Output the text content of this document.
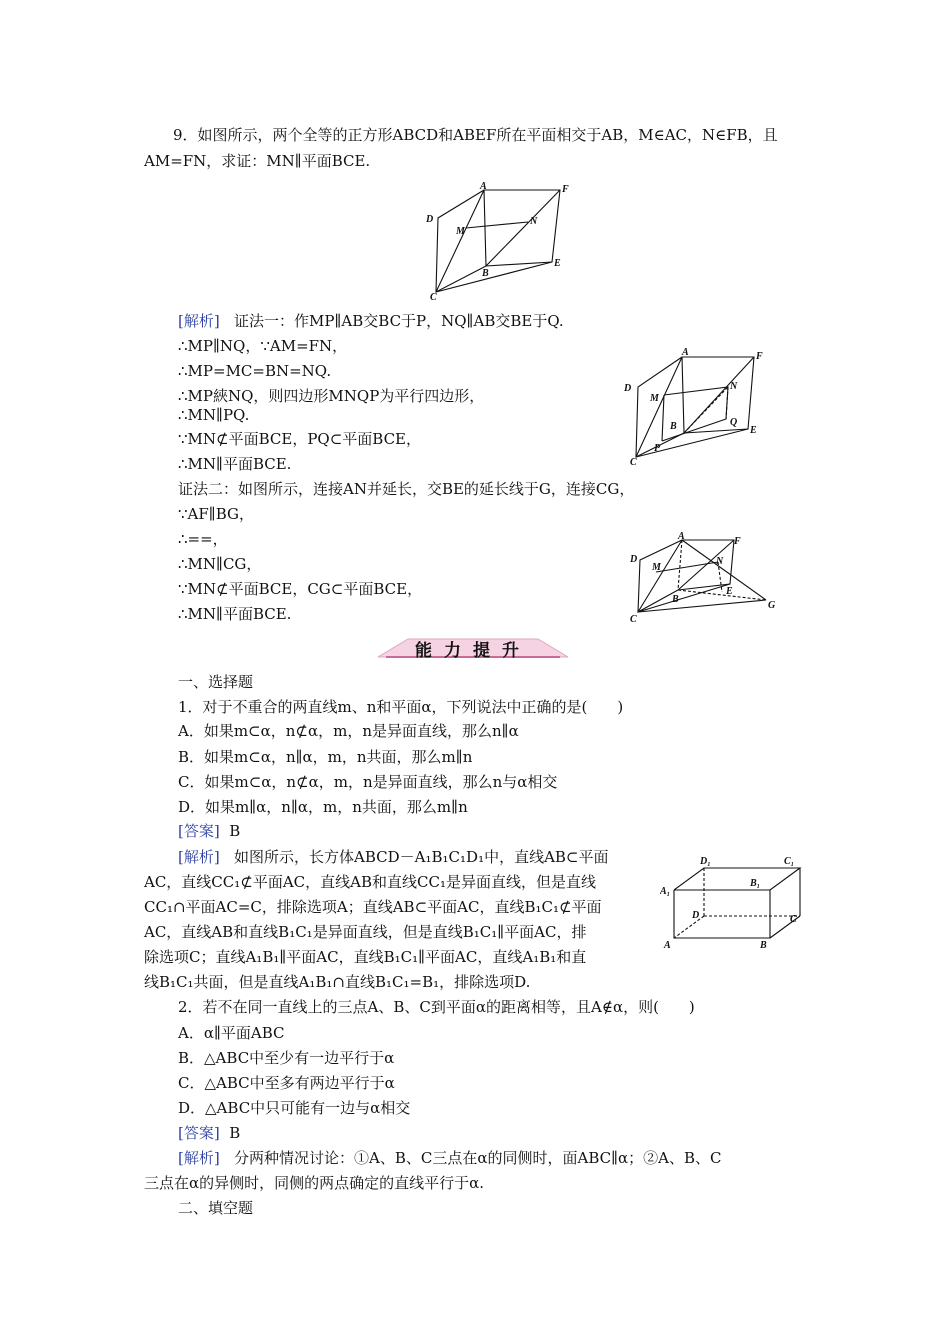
9．如图所示，两个全等的正方形ABCD和ABEF所在平面相交于AB，M∈AC，N∈FB，且
AM=FN，求证：MN∥平面BCE.
A	F
D
M
N
B
E
C
[解析] 证法一：作MP∥AB交BC于P，NQ∥AB交BE于Q.
∴MP∥NQ，∵AM=FN，
∴MP=MC=BN=NQ.
∴MP綊NQ，则四边形MNQP为平行四边形，
∴MN∥PQ.
∵MN⊄平面BCE，PQ⊂平面BCE，
∴MN∥平面BCE.
证法二：如图所示，连接AN并延长，交BE的延长线于G，连接CG，
∵AF∥BG，
∴==，
∴MN∥CG，
∵MN⊄平面BCE，CG⊂平面BCE，
∴MN∥平面BCE.
A	F
D
M
N
B	Q
E
P
C
A	F
D
M
N
B
E
G
C
能力提升
一、选择题
1．对于不重合的两直线m、n和平面α，下列说法中正确的是(　　)
A．如果m⊂α，n⊄α，m，n是异面直线，那么n∥α
B．如果m⊂α，n∥α，m，n共面，那么m∥n
C．如果m⊂α，n⊄α，m，n是异面直线，那么n与α相交
D．如果m∥α，n∥α，m，n共面，那么m∥n
[答案] B
[解析] 如图所示，长方体ABCD－A₁B₁C₁D₁中，直线AB⊂平面
AC，直线CC₁⊄平面AC，直线AB和直线CC₁是异面直线，但是直线
CC₁∩平面AC=C，排除选项A；直线AB⊂平面AC，直线B₁C₁⊄平面
AC，直线AB和直线B₁C₁是异面直线，但是直线B₁C₁∥平面AC，排
除选项C；直线A₁B₁∥平面AC，直线B₁C₁∥平面AC，直线A₁B₁和直
线B₁C₁共面，但是直线A₁B₁∩直线B₁C₁=B₁，排除选项D.
D₁	C₁
A₁
B₁
D	C
A	B
2．若不在同一直线上的三点A、B、C到平面α的距离相等，且A∉α，则(　　)
A．α∥平面ABC
B．△ABC中至少有一边平行于α
C．△ABC中至多有两边平行于α
D．△ABC中只可能有一边与α相交
[答案] B
[解析] 分两种情况讨论：①A、B、C三点在α的同侧时，面ABC∥α；②A、B、C
三点在α的异侧时，同侧的两点确定的直线平行于α.
二、填空题
